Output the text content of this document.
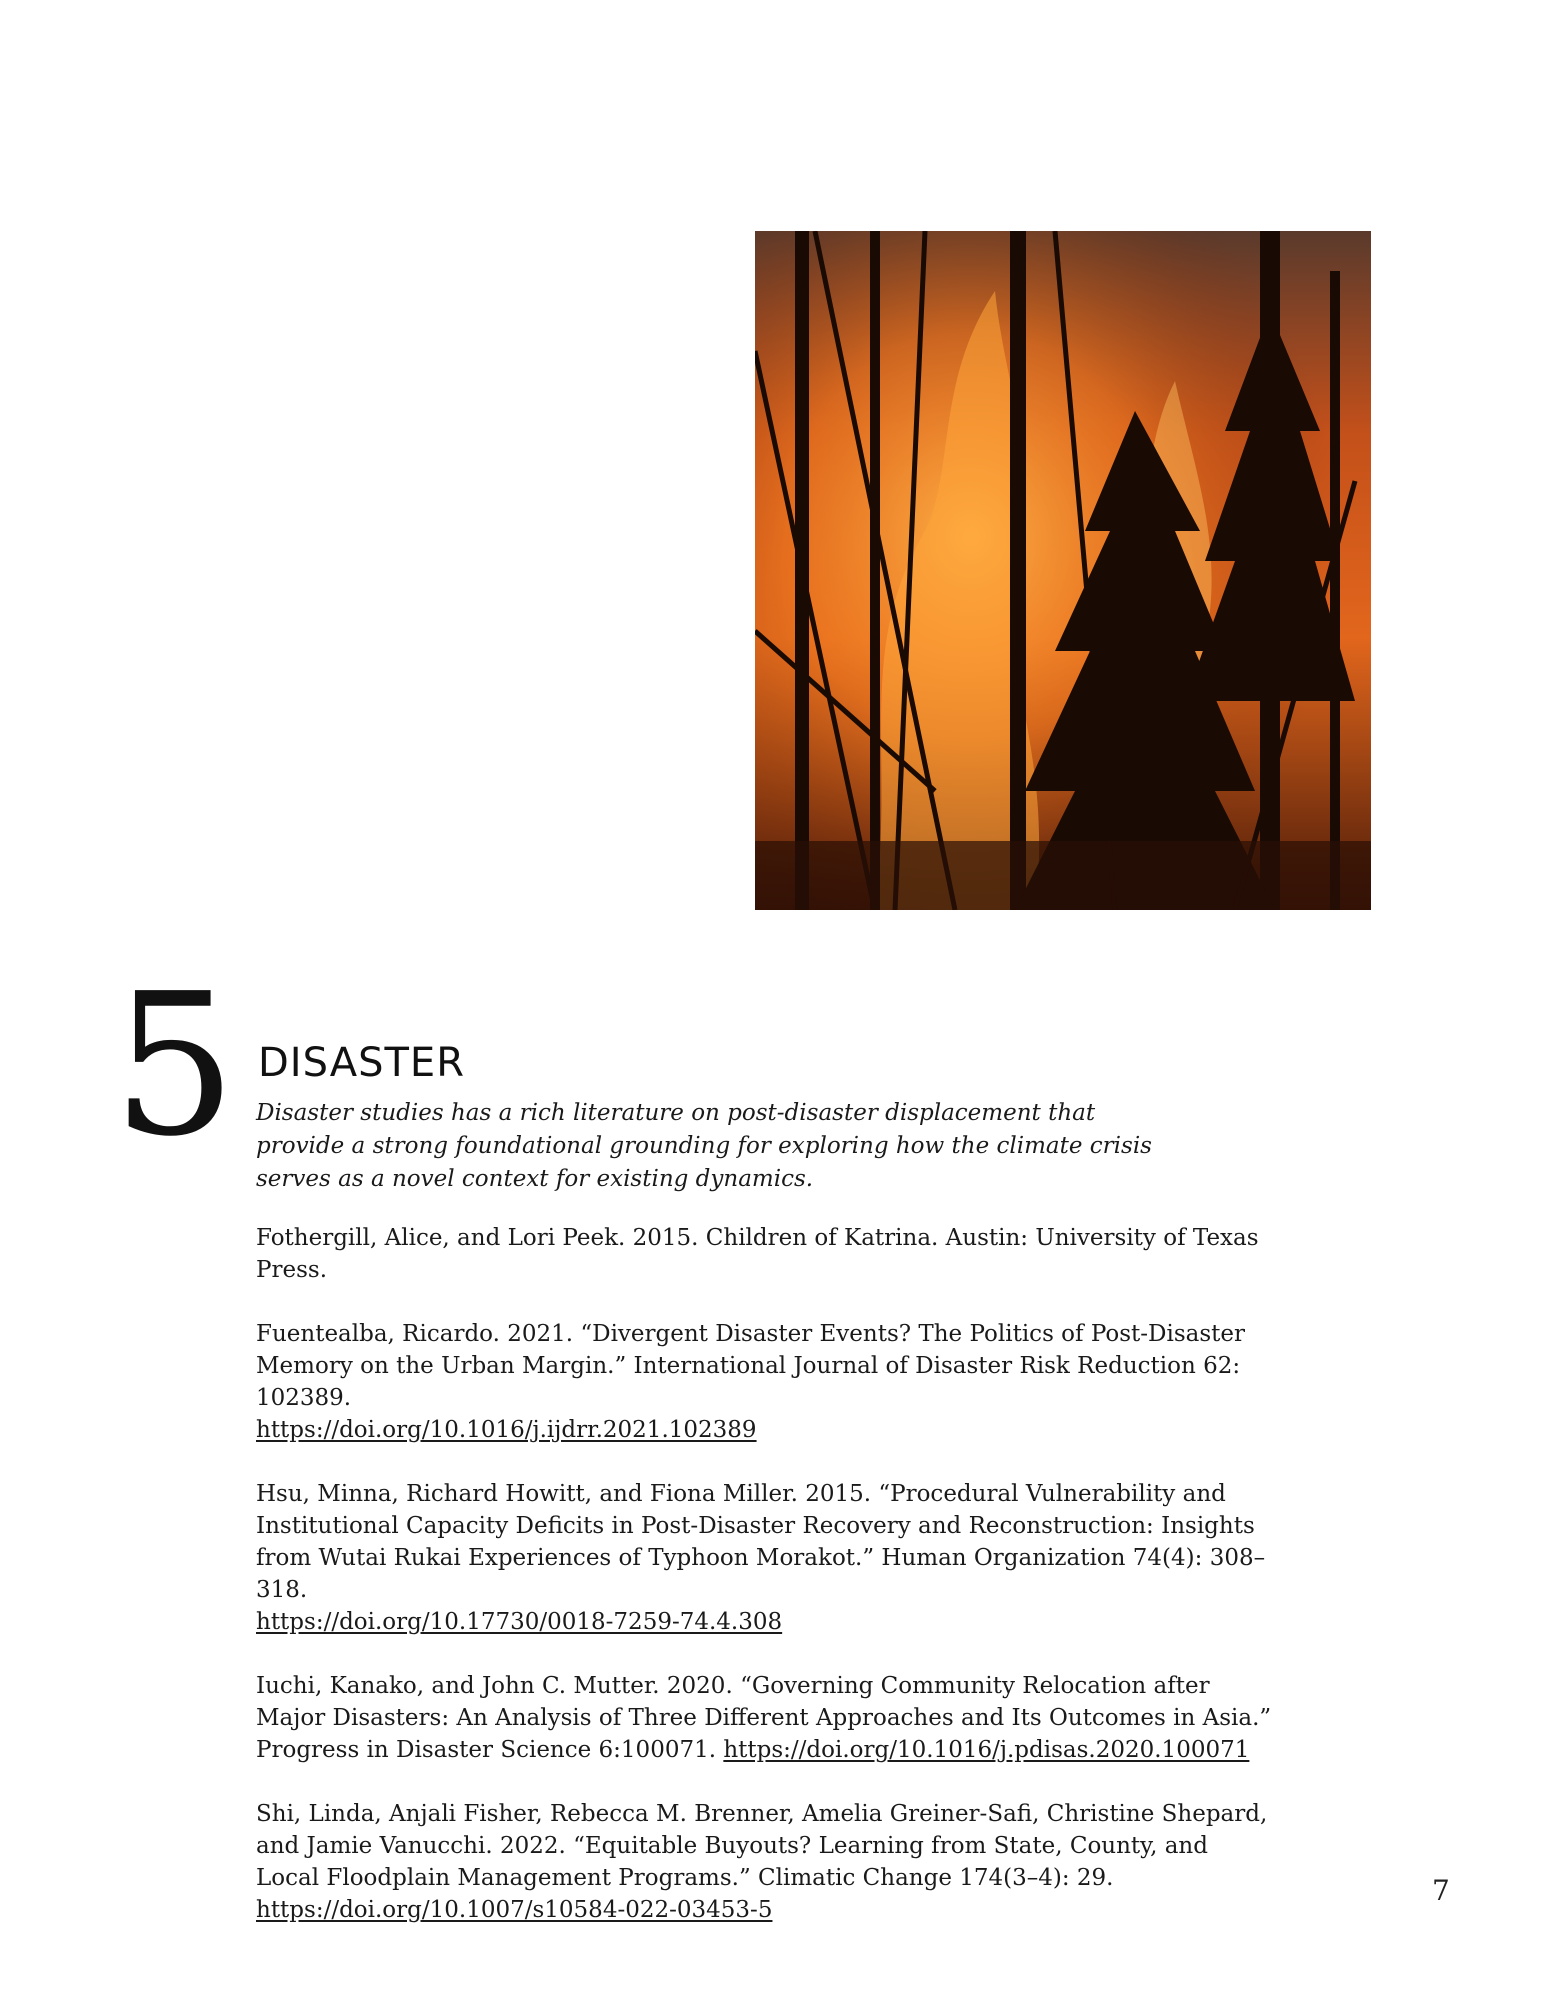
5 DISASTER

Disaster studies has a rich literature on post-disaster displacement that provide a strong foundational grounding for exploring how the climate crisis serves as a novel context for existing dynamics.

Fothergill, Alice, and Lori Peek. 2015. Children of Katrina. Austin: University of Texas Press.
Fuentealba, Ricardo. 2021. “Divergent Disaster Events? The Politics of Post-Disaster Memory on the Urban Margin.” International Journal of Disaster Risk Reduction 62: 102389.
https://doi.org/10.1016/j.ijdrr.2021.102389
Hsu, Minna, Richard Howitt, and Fiona Miller. 2015. “Procedural Vulnerability and Institutional Capacity Deficits in Post-Disaster Recovery and Reconstruction: Insights from Wutai Rukai Experiences of Typhoon Morakot.” Human Organization 74(4): 308–318.
https://doi.org/10.17730/0018-7259-74.4.308
Iuchi, Kanako, and John C. Mutter. 2020. “Governing Community Relocation after Major Disasters: An Analysis of Three Different Approaches and Its Outcomes in Asia.” Progress in Disaster Science 6:100071. https://doi.org/10.1016/j.pdisas.2020.100071
Shi, Linda, Anjali Fisher, Rebecca M. Brenner, Amelia Greiner-Safi, Christine Shepard, and Jamie Vanucchi. 2022. “Equitable Buyouts? Learning from State, County, and Local Floodplain Management Programs.” Climatic Change 174(3–4): 29.
https://doi.org/10.1007/s10584-022-03453-5
7
